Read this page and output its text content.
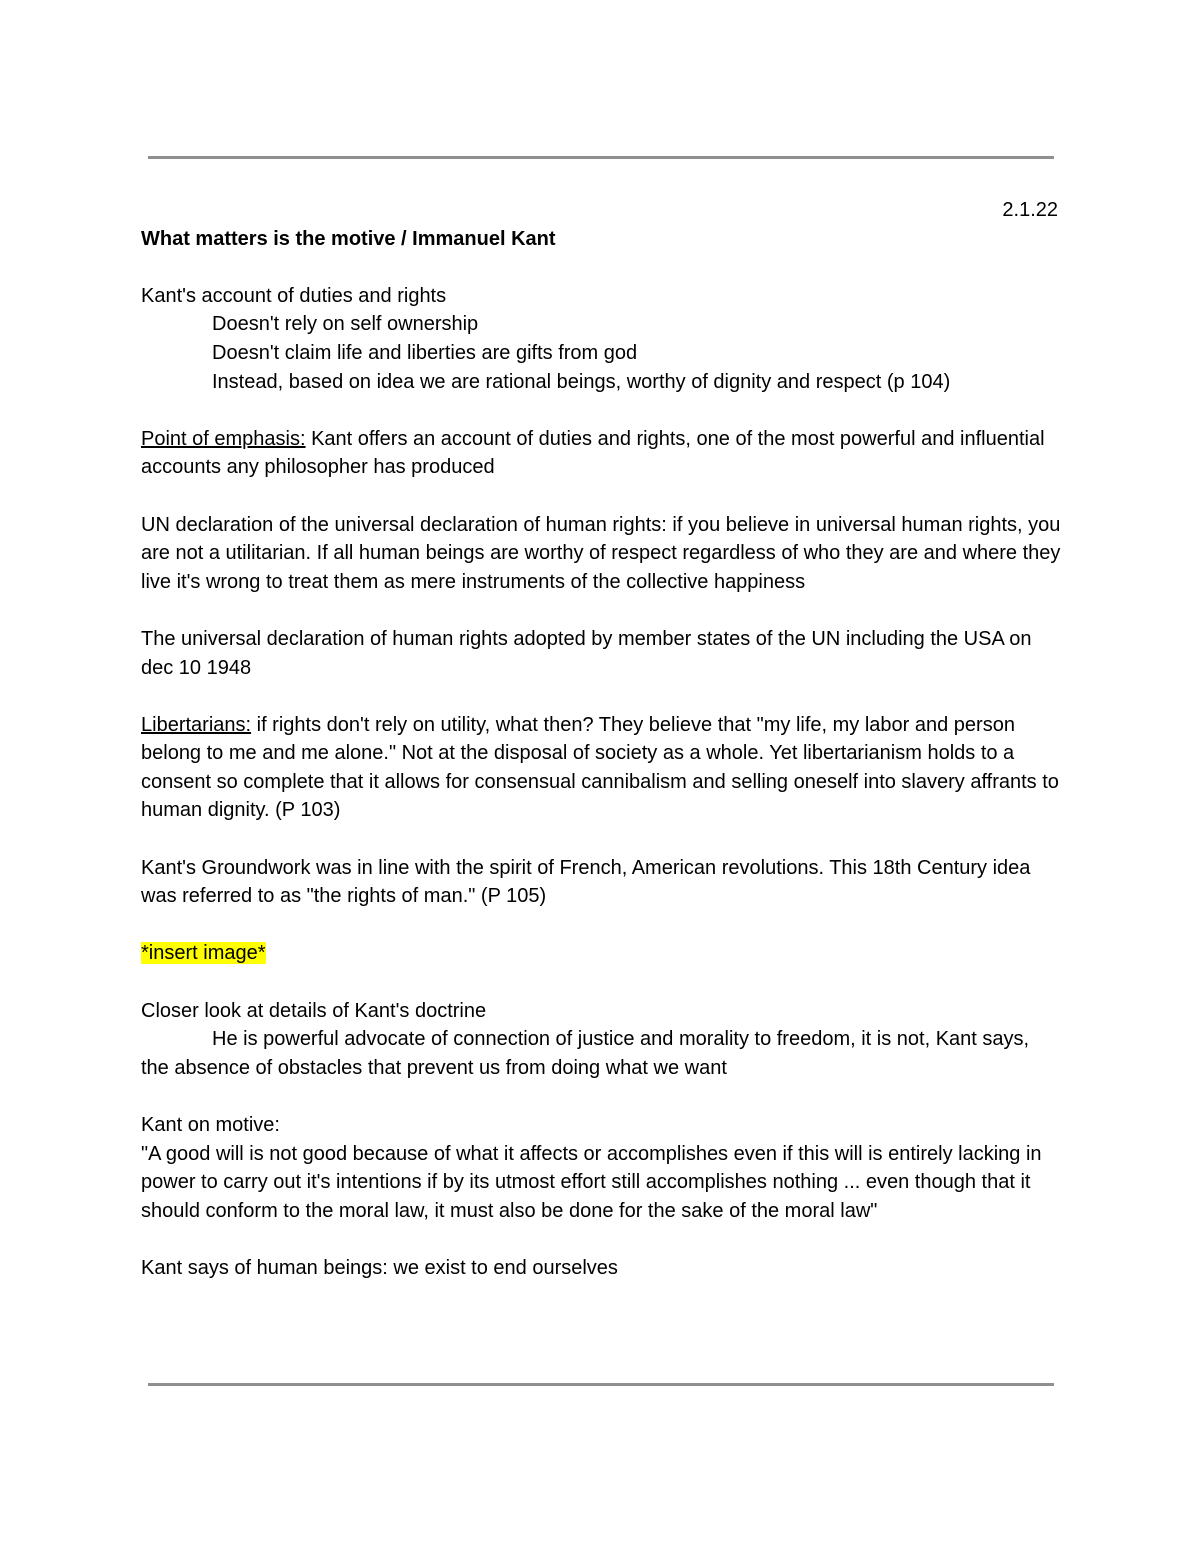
2.1.22
What matters is the motive / Immanuel Kant
Kant's account of duties and rights
Doesn't rely on self ownership
Doesn't claim life and liberties are gifts from god
Instead, based on idea we are rational beings, worthy of dignity and respect (p 104)
Point of emphasis: Kant offers an account of duties and rights, one of the most powerful and influential accounts any philosopher has produced
UN declaration of the universal declaration of human rights: if you believe in universal human rights, you are not a utilitarian. If all human beings are worthy of respect regardless of who they are and where they live it's wrong to treat them as mere instruments of the collective happiness
The universal declaration of human rights adopted by member states of the UN including the USA on dec 10 1948
Libertarians: if rights don't rely on utility, what then? They believe that "my life, my labor and person belong to me and me alone." Not at the disposal of society as a whole. Yet libertarianism holds to a consent so complete that it allows for consensual cannibalism and selling oneself into slavery affrants to human dignity. (P 103)
Kant's Groundwork was in line with the spirit of French, American revolutions. This 18th Century idea was referred to as "the rights of man." (P 105)
*insert image*
Closer look at details of Kant's doctrine
He is powerful advocate of connection of justice and morality to freedom, it is not, Kant says, the absence of obstacles that prevent us from doing what we want
Kant on motive:
"A good will is not good because of what it affects or accomplishes even if this will is entirely lacking in power to carry out it's intentions if by its utmost effort still accomplishes nothing ... even though that it should conform to the moral law, it must also be done for the sake of the moral law"
Kant says of human beings: we exist to end ourselves
